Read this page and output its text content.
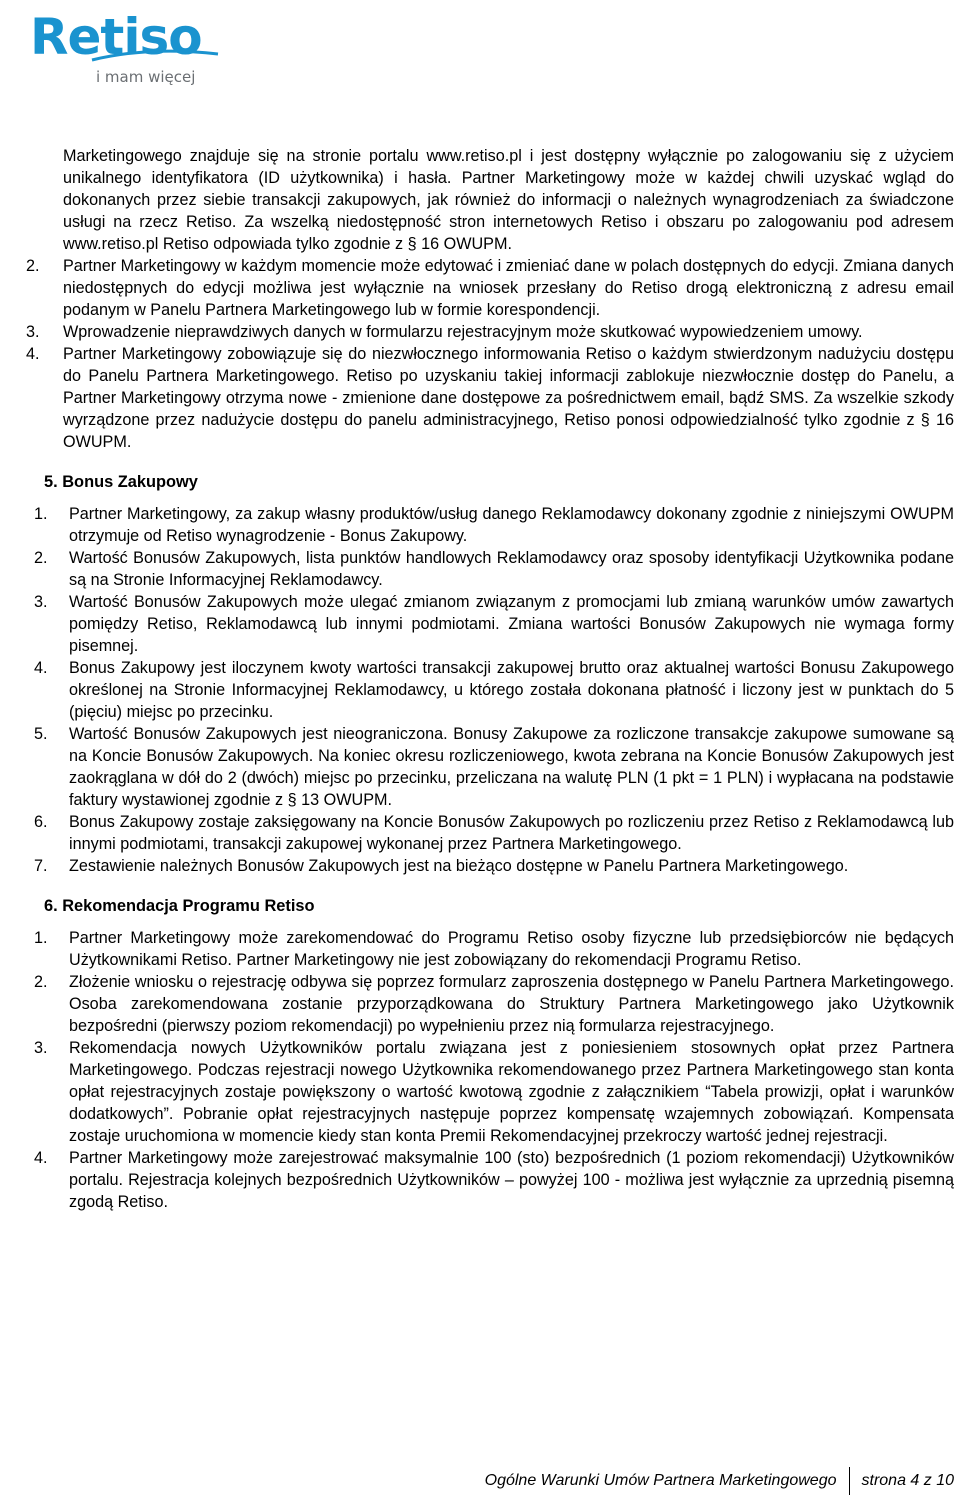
Retiso
i mam więcej

Marketingowego znajduje się na stronie portalu www.retiso.pl i jest dostępny wyłącznie po zalogowaniu się z użyciem unikalnego identyfikatora (ID użytkownika) i hasła. Partner Marketingowy może w każdej chwili uzyskać wgląd do dokonanych przez siebie transakcji zakupowych, jak również do informacji o należnych wynagrodzeniach za świadczone usługi na rzecz Retiso. Za wszelką niedostępność stron internetowych Retiso i obszaru po zalogowaniu pod adresem www.retiso.pl Retiso odpowiada tylko zgodnie z § 16 OWUPM.

2.	Partner Marketingowy w każdym momencie może edytować i zmieniać dane w polach dostępnych do edycji. Zmiana danych niedostępnych do edycji możliwa jest wyłącznie na wniosek przesłany do Retiso drogą elektroniczną z adresu email podanym w Panelu Partnera Marketingowego lub w formie korespondencji.
3.	Wprowadzenie nieprawdziwych danych w formularzu rejestracyjnym może skutkować wypowiedzeniem umowy.
4.	Partner Marketingowy zobowiązuje się do niezwłocznego informowania Retiso o każdym stwierdzonym nadużyciu dostępu do Panelu Partnera Marketingowego. Retiso po uzyskaniu takiej informacji zablokuje niezwłocznie dostęp do Panelu, a Partner Marketingowy otrzyma nowe - zmienione dane dostępowe za pośrednictwem email, bądź SMS. Za wszelkie szkody wyrządzone przez nadużycie dostępu do panelu administracyjnego, Retiso ponosi odpowiedzialność tylko zgodnie z § 16 OWUPM.
5. Bonus Zakupowy
1.	Partner Marketingowy, za zakup własny produktów/usług danego Reklamodawcy dokonany zgodnie z niniejszymi OWUPM otrzymuje od Retiso wynagrodzenie - Bonus Zakupowy.
2.	Wartość Bonusów Zakupowych, lista punktów handlowych Reklamodawcy oraz sposoby identyfikacji Użytkownika podane są na Stronie Informacyjnej Reklamodawcy.
3.	Wartość Bonusów Zakupowych może ulegać zmianom związanym z promocjami lub zmianą warunków umów zawartych pomiędzy Retiso, Reklamodawcą lub innymi podmiotami. Zmiana wartości Bonusów Zakupowych nie wymaga formy pisemnej.
4.	Bonus Zakupowy jest iloczynem kwoty wartości transakcji zakupowej brutto oraz aktualnej wartości Bonusu Zakupowego określonej na Stronie Informacyjnej Reklamodawcy, u którego została dokonana płatność i liczony jest w punktach do 5 (pięciu) miejsc po przecinku.
5.	Wartość Bonusów Zakupowych jest nieograniczona. Bonusy Zakupowe za rozliczone transakcje zakupowe sumowane są na Koncie Bonusów Zakupowych. Na koniec okresu rozliczeniowego, kwota zebrana na Koncie Bonusów Zakupowych jest zaokrąglana w dół do 2 (dwóch) miejsc po przecinku, przeliczana na walutę PLN (1 pkt = 1 PLN) i wypłacana na podstawie faktury wystawionej zgodnie z § 13 OWUPM.
6.	Bonus Zakupowy zostaje zaksięgowany na Koncie Bonusów Zakupowych po rozliczeniu przez Retiso z Reklamodawcą lub innymi podmiotami, transakcji zakupowej wykonanej przez Partnera Marketingowego.
7.	Zestawienie należnych Bonusów Zakupowych jest na bieżąco dostępne w Panelu Partnera Marketingowego.
6. Rekomendacja Programu Retiso
1.	Partner Marketingowy może zarekomendować do Programu Retiso osoby fizyczne lub przedsiębiorców nie będących Użytkownikami Retiso. Partner Marketingowy nie jest zobowiązany do rekomendacji Programu Retiso.
2.	Złożenie wniosku o rejestrację odbywa się poprzez formularz zaproszenia dostępnego w Panelu Partnera Marketingowego. Osoba zarekomendowana zostanie przyporządkowana do Struktury Partnera Marketingowego jako Użytkownik bezpośredni (pierwszy poziom rekomendacji) po wypełnieniu przez nią formularza rejestracyjnego.
3.	Rekomendacja nowych Użytkowników portalu związana jest z poniesieniem stosownych opłat przez Partnera Marketingowego. Podczas rejestracji nowego Użytkownika rekomendowanego przez Partnera Marketingowego stan konta opłat rejestracyjnych zostaje powiększony o wartość kwotową zgodnie z załącznikiem “Tabela prowizji, opłat i warunków dodatkowych”. Pobranie opłat rejestracyjnych następuje poprzez kompensatę wzajemnych zobowiązań. Kompensata zostaje uruchomiona w momencie kiedy stan konta Premii Rekomendacyjnej przekroczy wartość jednej rejestracji.
4.	Partner Marketingowy może zarejestrować maksymalnie 100 (sto) bezpośrednich (1 poziom rekomendacji) Użytkowników portalu. Rejestracja kolejnych bezpośrednich Użytkowników – powyżej 100 - możliwa jest wyłącznie za uprzednią pisemną zgodą Retiso.
Ogólne Warunki Umów Partnera Marketingowego strona 4 z 10
